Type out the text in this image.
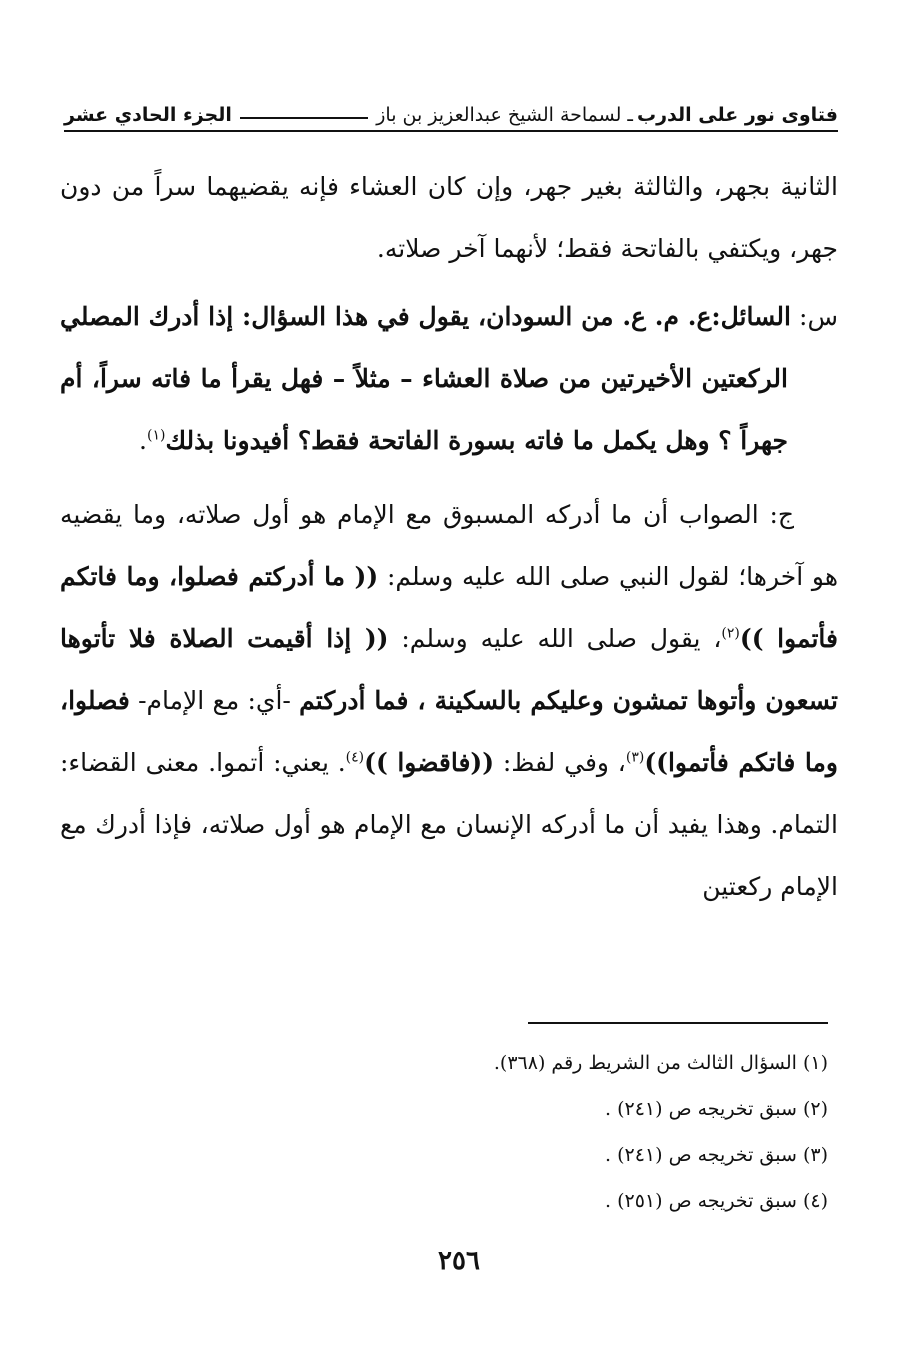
فتاوى نور على الدرب
ـ لسماحة الشيخ عبدالعزيز بن باز
الجزء الحادي عشر

الثانية بجهر، والثالثة بغير جهر، وإن كان العشاء فإنه يقضيهما سراً من دون جهر، ويكتفي بالفاتحة فقط؛ لأنهما آخر صلاته.

س: السائل:ع. م. ع. من السودان، يقول في هذا السؤال: إذا أدرك المصلي الركعتين الأخيرتين من صلاة العشاء – مثلاً – فهل يقرأ ما فاته سراً، أم جهراً ؟ وهل يكمل ما فاته بسورة الفاتحة فقط؟ أفيدونا بذلك$^{(١)}$.

ج: الصواب أن ما أدركه المسبوق مع الإمام هو أول صلاته، وما يقضيه هو آخرها؛ لقول النبي صلى الله عليه وسلم: (( ما أدركتم فصلوا، وما فاتكم فأتموا ))$^{(٢)}$، يقول صلى الله عليه وسلم: (( إذا أقيمت الصلاة فلا تأتوها تسعون وأتوها تمشون وعليكم بالسكينة ، فما أدركتم -أي: مع الإمام- فصلوا، وما فاتكم فأتموا))$^{(٣)}$، وفي لفظ: ((فاقضوا ))$^{(٤)}$. يعني: أتموا. معنى القضاء: التمام. وهذا يفيد أن ما أدركه الإنسان مع الإمام هو أول صلاته، فإذا أدرك مع الإمام ركعتين

(١) السؤال الثالث من الشريط رقم (٣٦٨).

(٢) سبق تخريجه ص (٢٤١) .

(٣) سبق تخريجه ص (٢٤١) .

(٤) سبق تخريجه ص (٢٥١) .

٢٥٦
